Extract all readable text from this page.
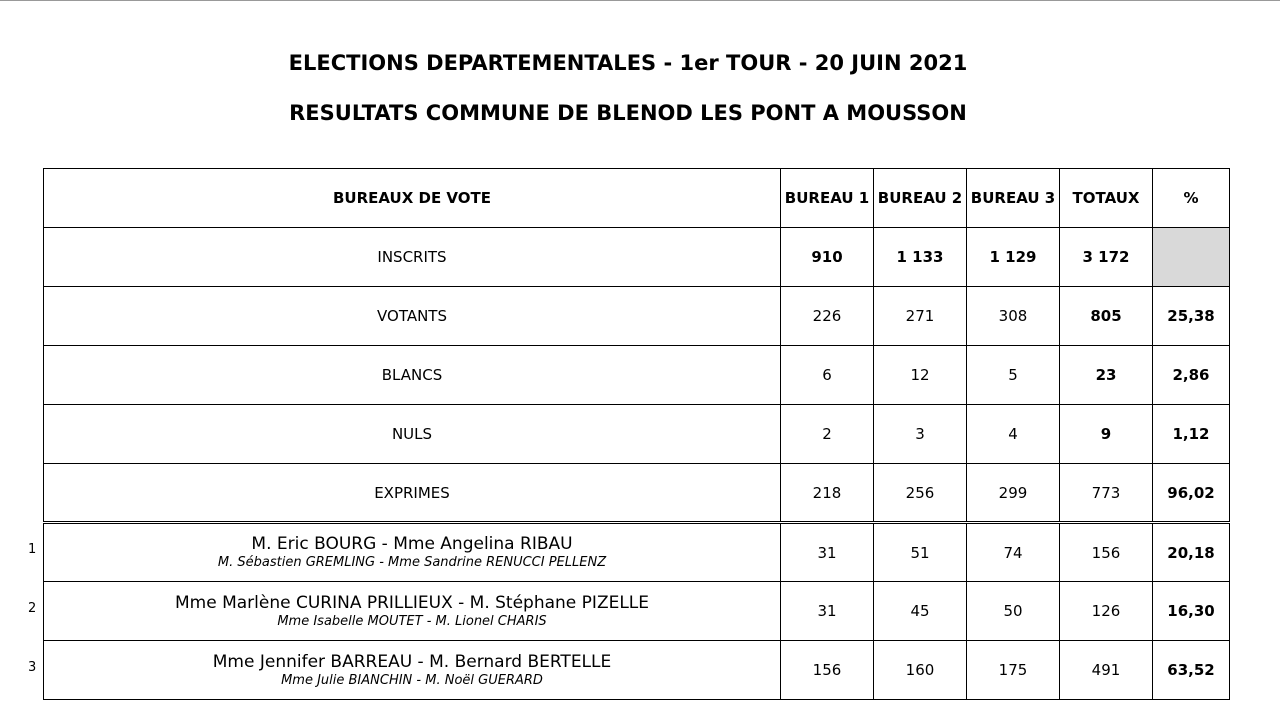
ELECTIONS DEPARTEMENTALES - 1er TOUR - 20 JUIN 2021
RESULTATS COMMUNE DE BLENOD LES PONT A MOUSSON
BUREAUX DE VOTE	BUREAU 1	BUREAU 2	BUREAU 3	TOTAUX	%
INSCRITS	910	1 133	1 129	3 172	
VOTANTS	226	271	308	805	25,38
BLANCS	6	12	5	23	2,86
NULS	2	3	4	9	1,12
EXPRIMES	218	256	299	773	96,02

M. Eric BOURG - Mme Angelina RIBAU
M. Sébastien GREMLING - Mme Sandrine RENUCCI PELLENZ	31	51	74	156	20,18

Mme Marlène CURINA PRILLIEUX - M. Stéphane PIZELLE
Mme Isabelle MOUTET - M. Lionel CHARIS	31	45	50	126	16,30

Mme Jennifer BARREAU - M. Bernard BERTELLE
Mme Julie BIANCHIN - M. Noël GUERARD	156	160	175	491	63,52
1
2
3
